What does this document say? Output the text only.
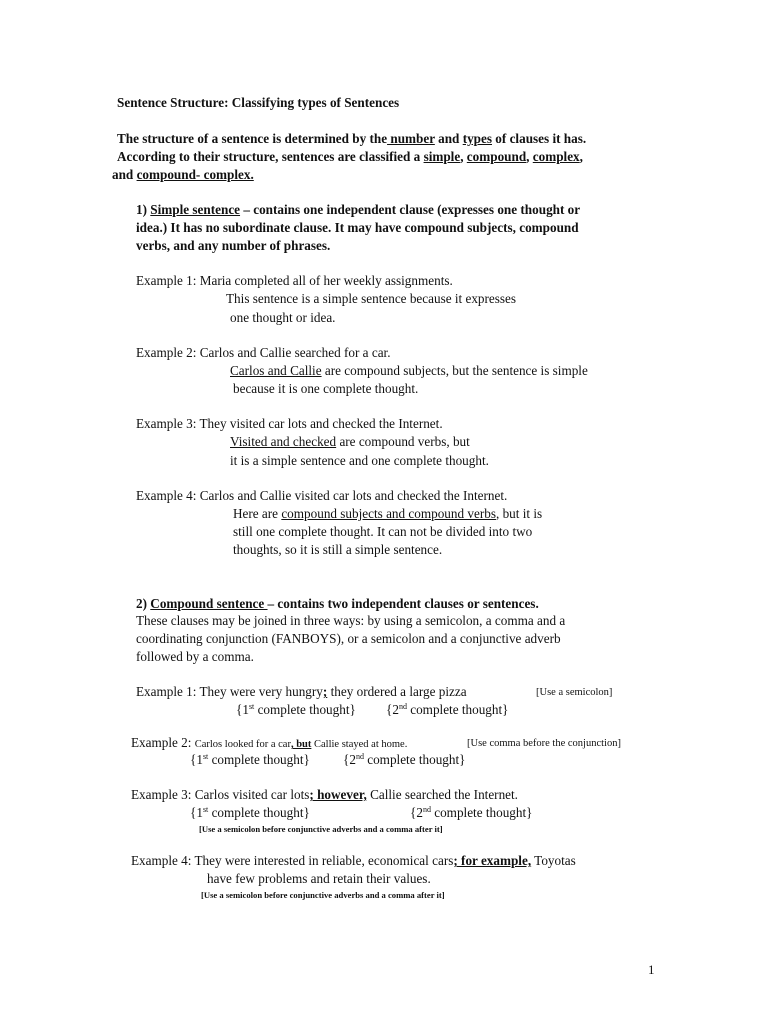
Sentence Structure: Classifying types of Sentences
The structure of a sentence is determined by the number and types of clauses it has.
According to their structure, sentences are classified a simple, compound, complex,
and compound- complex.
1) Simple sentence – contains one independent clause (expresses one thought or
idea.) It has no subordinate clause. It may have compound subjects, compound
verbs, and any number of phrases.
Example 1: Maria completed all of her weekly assignments.
This sentence is a simple sentence because it expresses
one thought or idea.
Example 2: Carlos and Callie searched for a car.
Carlos and Callie are compound subjects, but the sentence is simple
because it is one complete thought.
Example 3: They visited car lots and checked the Internet.
Visited and checked are compound verbs, but
it is a simple sentence and one complete thought.
Example 4: Carlos and Callie visited car lots and checked the Internet.
Here are compound subjects and compound verbs, but it is
still one complete thought. It can not be divided into two
thoughts, so it is still a simple sentence.
2) Compound sentence – contains two independent clauses or sentences.
These clauses may be joined in three ways: by using a semicolon, a comma and a
coordinating conjunction (FANBOYS), or a semicolon and a conjunctive adverb
followed by a comma.
Example 1: They were very hungry; they ordered a large pizza	[Use a semicolon]
{1st complete thought} {2nd complete thought}
Example 2: Carlos looked for a car, but Callie stayed at home.	[Use comma before the conjunction]
{1st complete thought}	{2nd complete thought}
Example 3: Carlos visited car lots; however, Callie searched the Internet.
{1st complete thought}	{2nd complete thought}
[Use a semicolon before conjunctive adverbs and a comma after it]
Example 4: They were interested in reliable, economical cars; for example, Toyotas
have few problems and retain their values.
[Use a semicolon before conjunctive adverbs and a comma after it]
1
